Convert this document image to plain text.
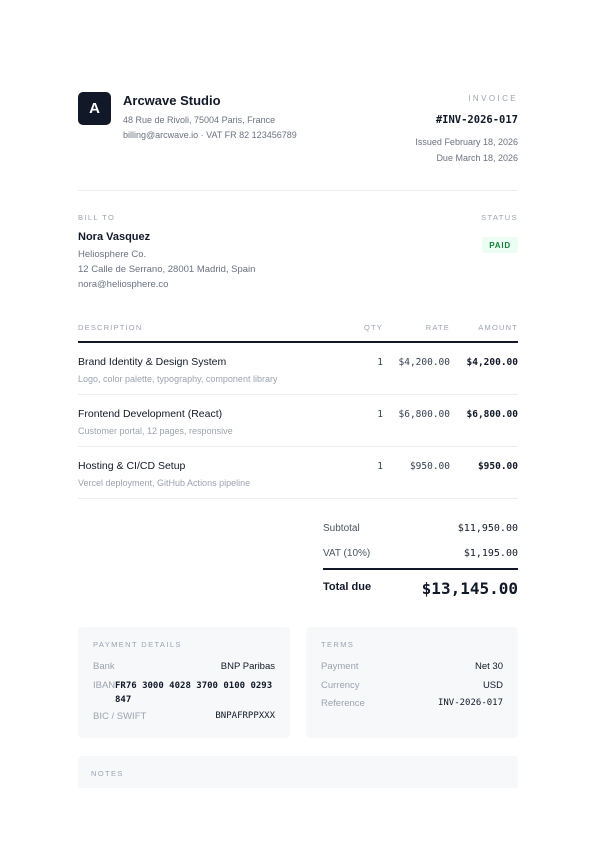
A Arcwave Studio
48 Rue de Rivoli, 75004 Paris, France
billing@arcwave.io · VAT FR 82 123456789
INVOICE
#INV-2026-017
Issued February 18, 2026
Due March 18, 2026
BILL TO
Nora Vasquez
Heliosphere Co.
12 Calle de Serrano, 28001 Madrid, Spain
nora@heliosphere.co
STATUS
PAID
DESCRIPTION	QTY	RATE	AMOUNT
Brand Identity & Design System
Logo, color palette, typography, component library
1 $4,200.00 $4,200.00
Frontend Development (React)
Customer portal, 12 pages, responsive
1 $6,800.00 $6,800.00
Hosting & CI/CD Setup
Vercel deployment, GitHub Actions pipeline
1	$950.00	$950.00
Subtotal	$11,950.00
VAT (10%)	$1,195.00
Total due	$13,145.00
PAYMENT DETAILS
Bank	BNP Paribas
IBAN FR76 3000 4028 3700 0100 0293 847
BIC / SWIFT	BNPAFRPPXXX
TERMS
Payment	Net 30
Currency	USD
Reference	INV-2026-017
NOTES
